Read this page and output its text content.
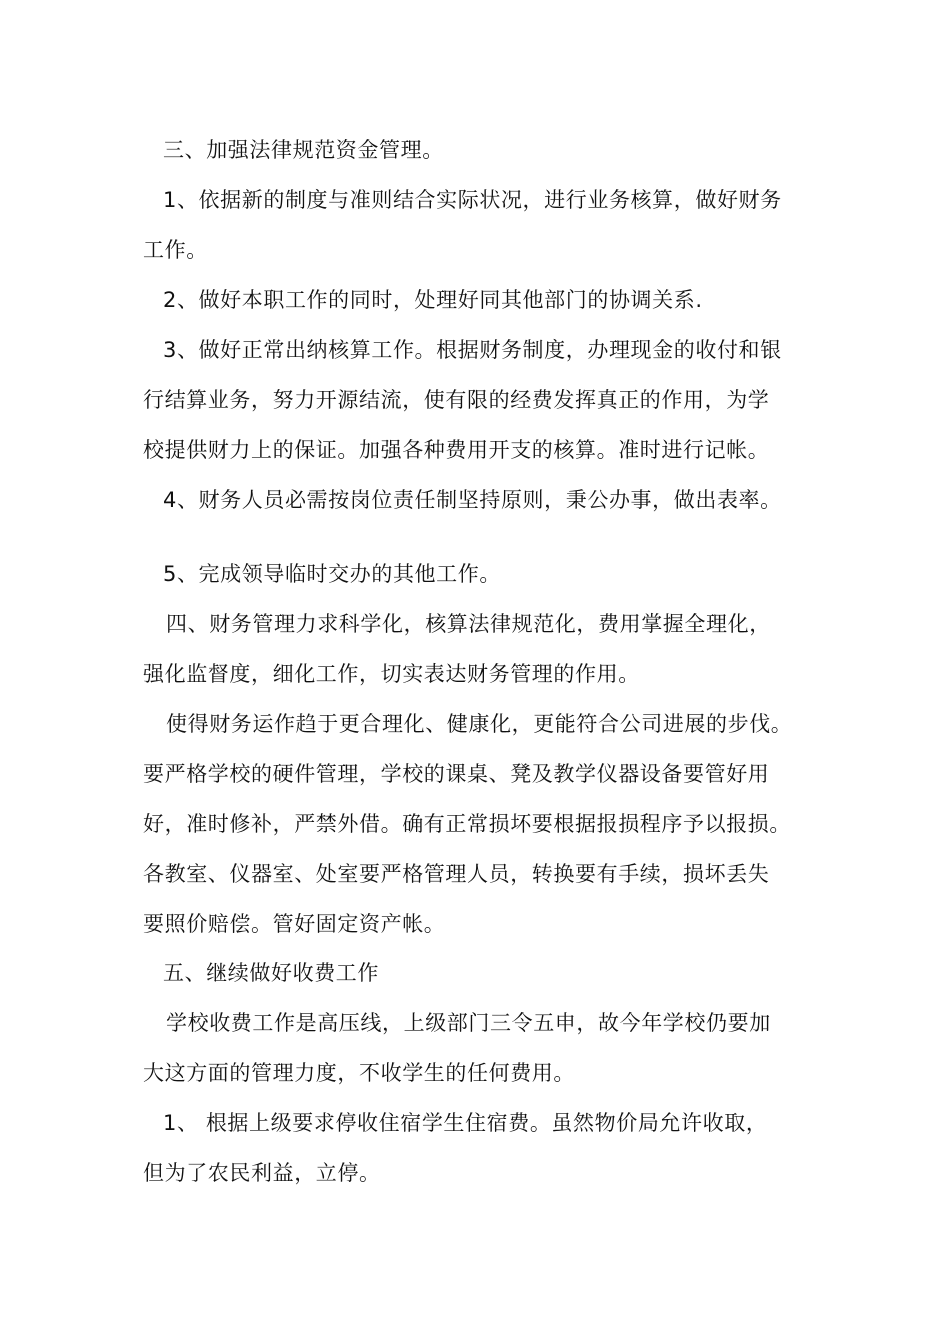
三、加强法律规范资金管理。
1、依据新的制度与准则结合实际状况，进行业务核算，做好财务
工作。
2、做好本职工作的同时，处理好同其他部门的协调关系.
3、做好正常出纳核算工作。根据财务制度，办理现金的收付和银
行结算业务，努力开源结流，使有限的经费发挥真正的作用，为学
校提供财力上的保证。加强各种费用开支的核算。准时进行记帐。
4、财务人员必需按岗位责任制坚持原则，秉公办事，做出表率。
5、完成领导临时交办的其他工作。
四、财务管理力求科学化，核算法律规范化，费用掌握全理化，
强化监督度，细化工作，切实表达财务管理的作用。
使得财务运作趋于更合理化、健康化，更能符合公司进展的步伐。
要严格学校的硬件管理，学校的课桌、凳及教学仪器设备要管好用
好，准时修补，严禁外借。确有正常损坏要根据报损程序予以报损。
各教室、仪器室、处室要严格管理人员，转换要有手续，损坏丢失
要照价赔偿。管好固定资产帐。
五、继续做好收费工作
学校收费工作是高压线，上级部门三令五申，故今年学校仍要加
大这方面的管理力度，不收学生的任何费用。
1、 根据上级要求停收住宿学生住宿费。虽然物价局允许收取，
但为了农民利益，立停。
